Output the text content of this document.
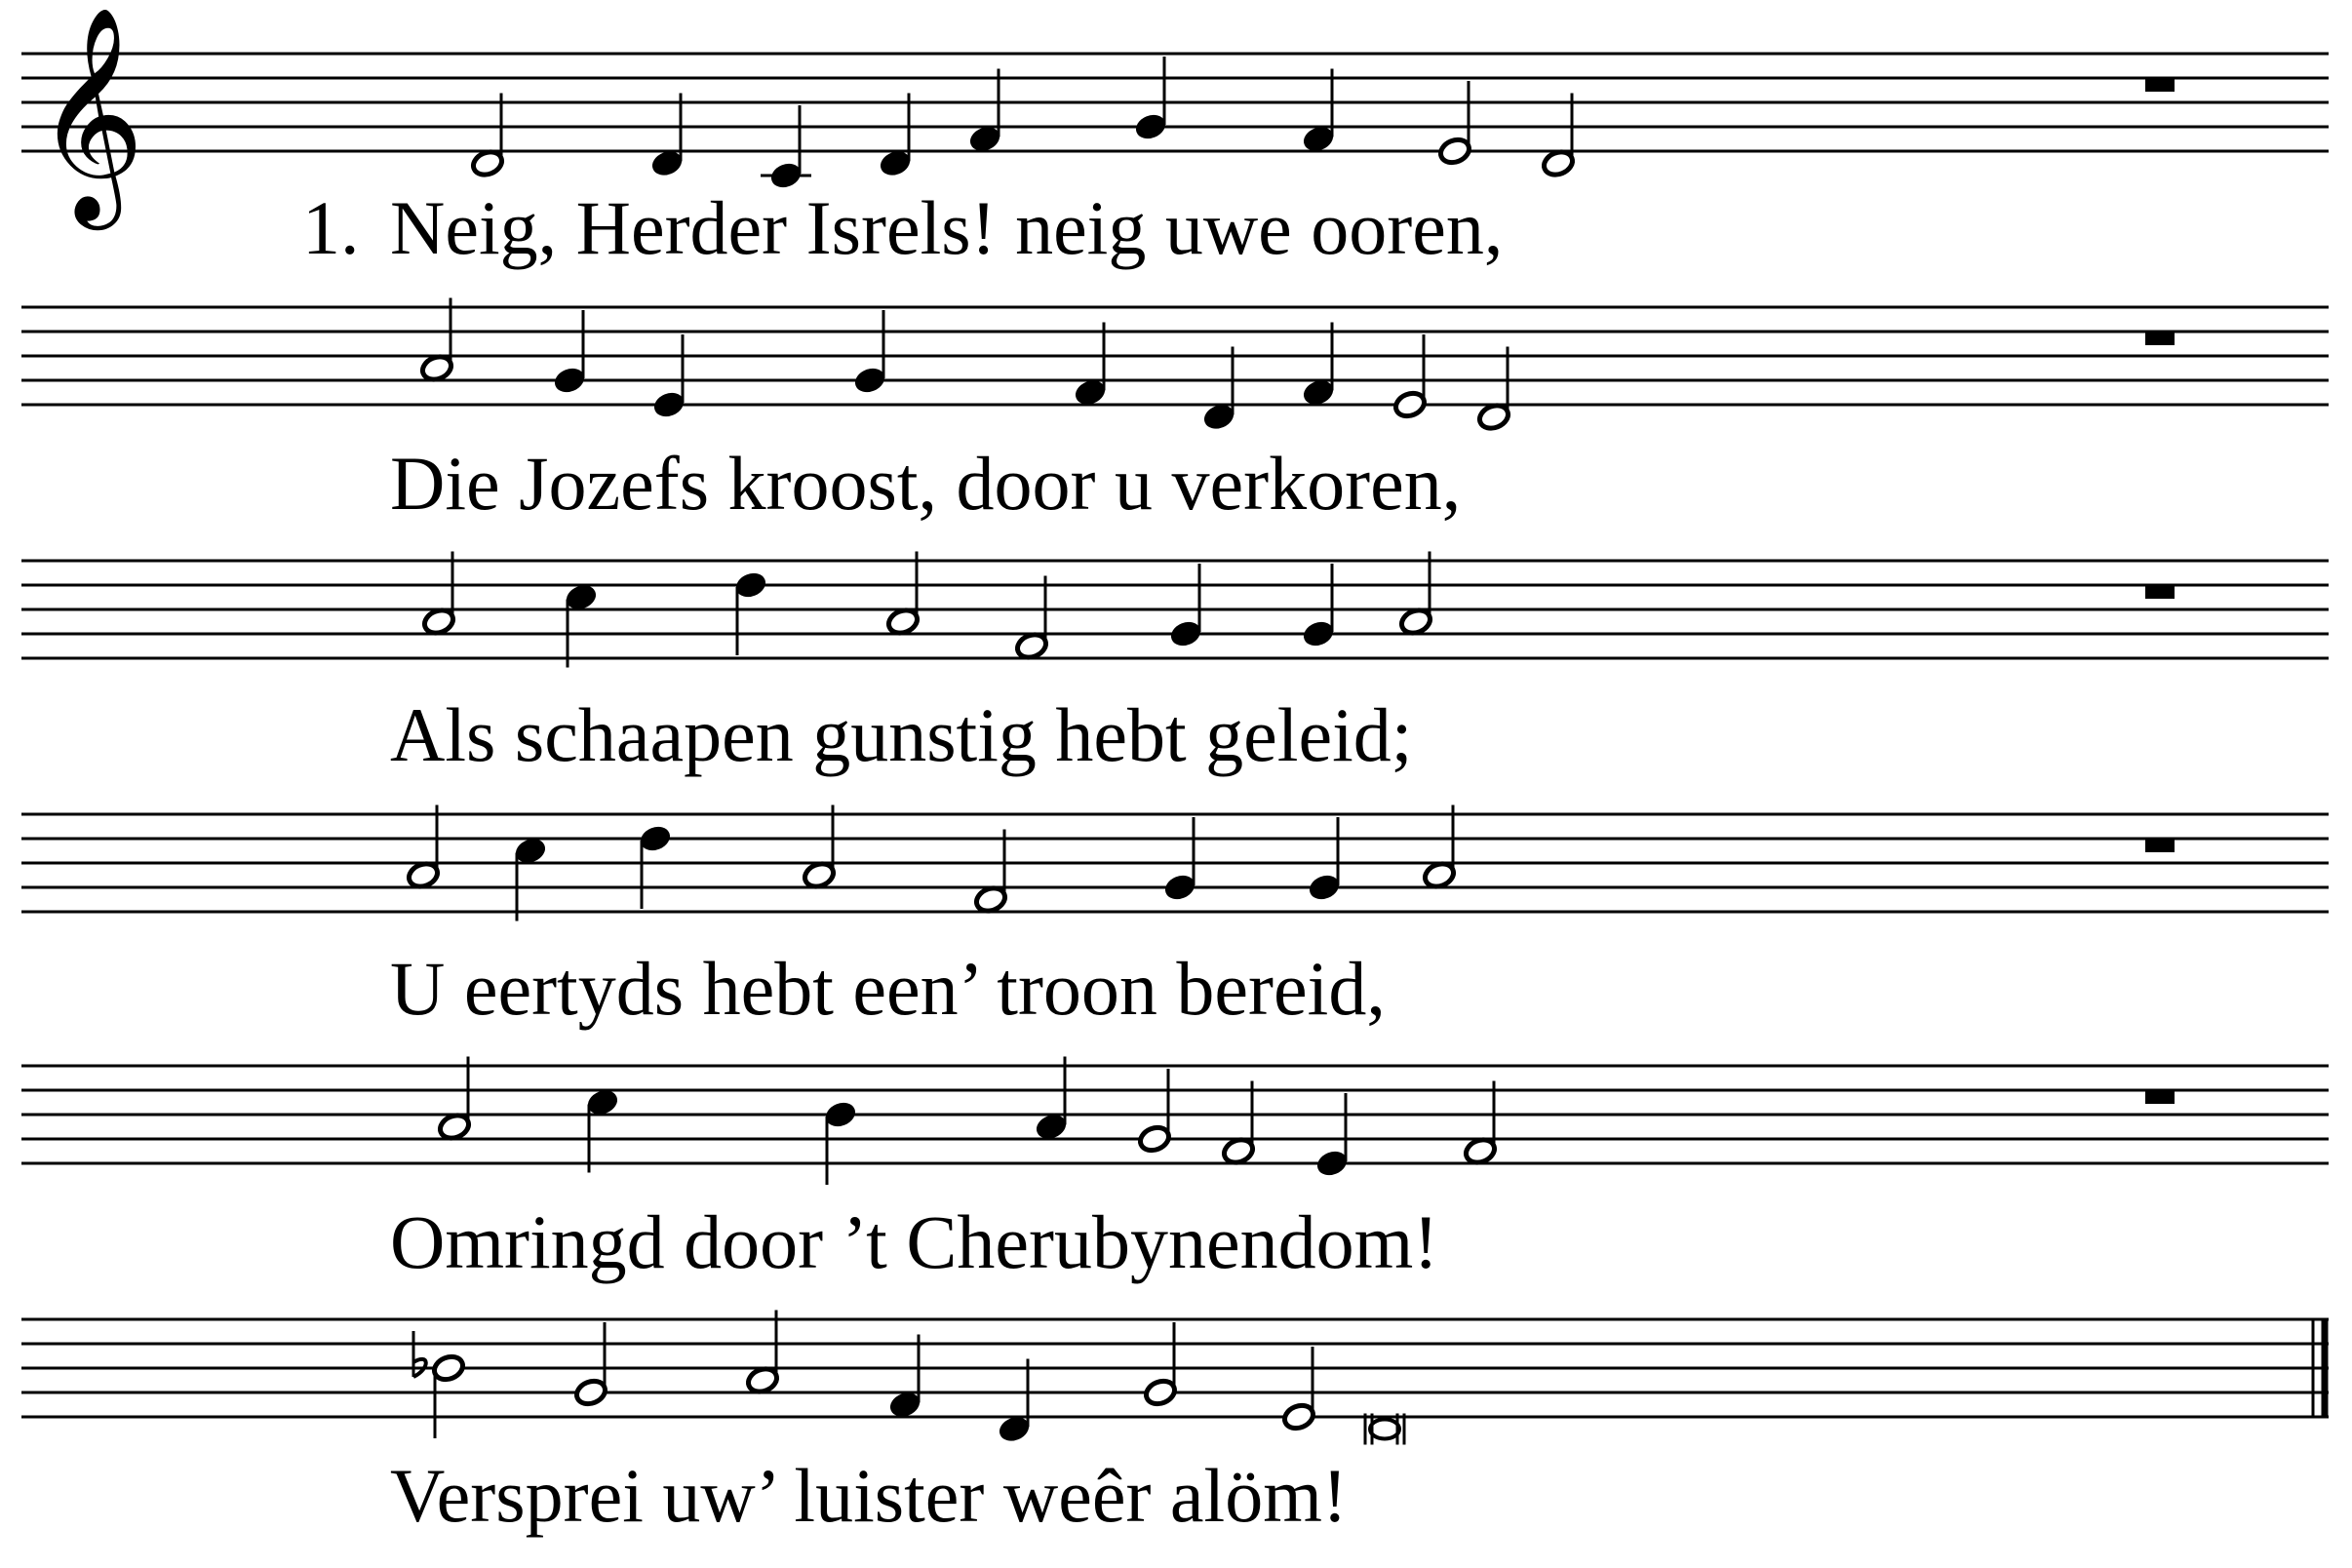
𝄞
1. Neig, Herder Isrels! neig uwe ooren,
Die Jozefs kroost, door u verkoren,
Als schaapen gunstig hebt geleid;
U eertyds hebt een’ troon bereid,
Omringd door ’t Cherubynendom!
Versprei uw’ luister weêr alöm!
